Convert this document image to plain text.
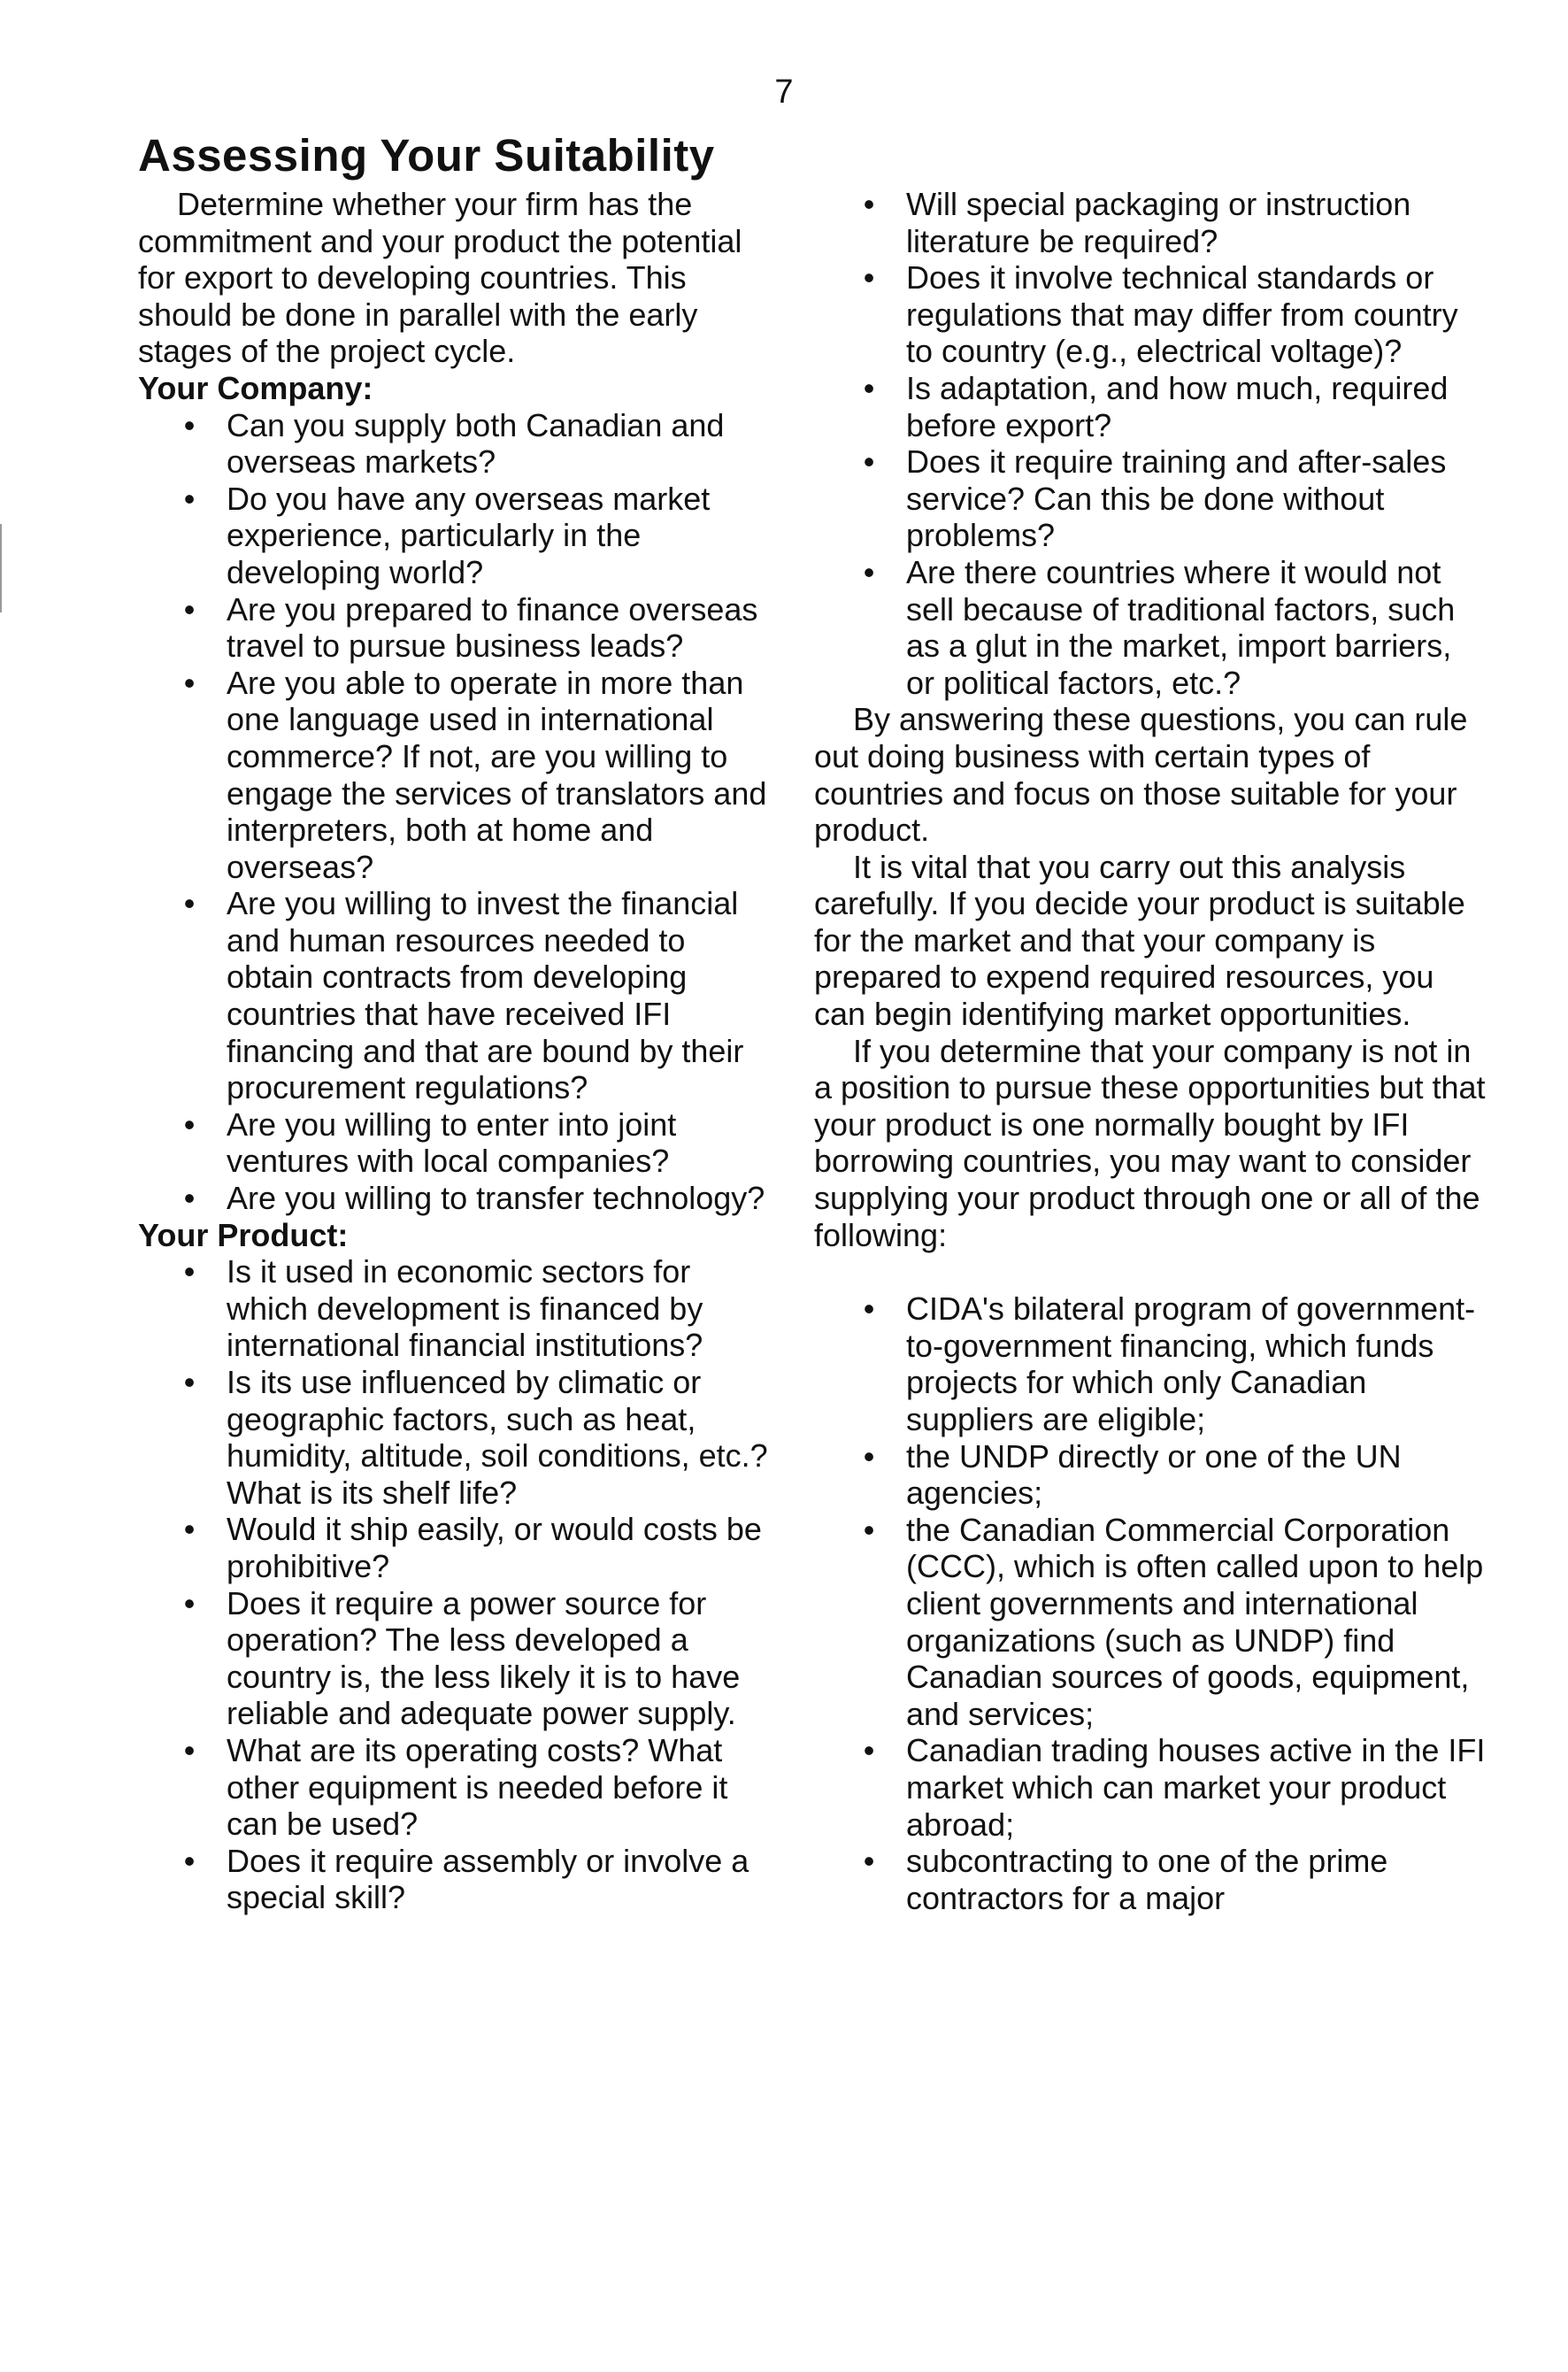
7
Assessing Your Suitability

Determine whether your firm has the commitment and your product the potential for export to developing countries. This should be done in parallel with the early stages of the project cycle.

Your Company:

• Can you supply both Canadian and overseas markets?
• Do you have any overseas market experience, particularly in the developing world?
• Are you prepared to finance overseas travel to pursue business leads?
• Are you able to operate in more than one language used in international commerce? If not, are you willing to engage the services of translators and interpreters, both at home and overseas?
• Are you willing to invest the financial and human resources needed to obtain contracts from developing countries that have received IFI financing and that are bound by their procurement regulations?
• Are you willing to enter into joint ventures with local companies?
• Are you willing to transfer technology?

Your Product:

• Is it used in economic sectors for which development is financed by international financial institutions?
• Is its use influenced by climatic or geographic factors, such as heat, humidity, altitude, soil conditions, etc.? What is its shelf life?
• Would it ship easily, or would costs be prohibitive?
• Does it require a power source for operation? The less developed a country is, the less likely it is to have reliable and adequate power supply.
• What are its operating costs? What other equipment is needed before it can be used?
• Does it require assembly or involve a special skill?
• Will special packaging or instruction literature be required?
• Does it involve technical standards or regulations that may differ from country to country (e.g., electrical voltage)?
• Is adaptation, and how much, required before export?
• Does it require training and after-sales service? Can this be done without problems?
• Are there countries where it would not sell because of traditional factors, such as a glut in the market, import barriers, or political factors, etc.?

By answering these questions, you can rule out doing business with certain types of countries and focus on those suitable for your product.

It is vital that you carry out this analysis carefully. If you decide your product is suitable for the market and that your company is prepared to expend required resources, you can begin identifying market opportunities.

If you determine that your company is not in a position to pursue these opportunities but that your product is one normally bought by IFI borrowing countries, you may want to consider supplying your product through one or all of the following:

• CIDA's bilateral program of government-to-government financing, which funds projects for which only Canadian suppliers are eligible;
• the UNDP directly or one of the UN agencies;
• the Canadian Commercial Corporation (CCC), which is often called upon to help client governments and international organizations (such as UNDP) find Canadian sources of goods, equipment, and services;
• Canadian trading houses active in the IFI market which can market your product abroad;
• subcontracting to one of the prime contractors for a major
